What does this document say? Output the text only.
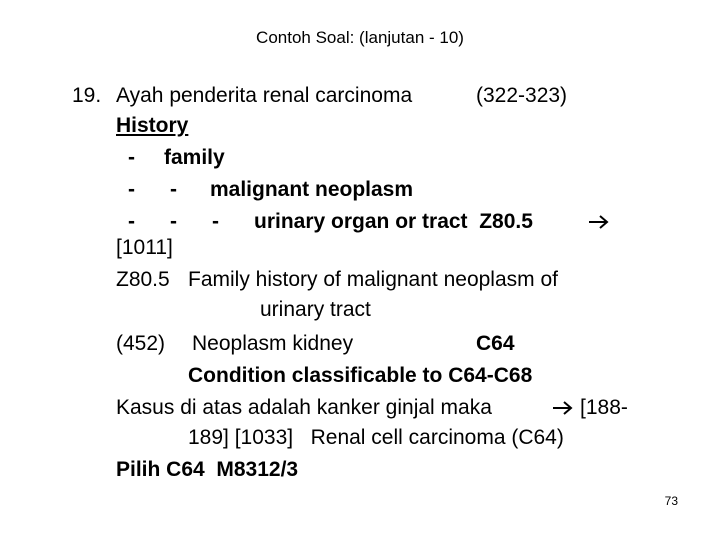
Contoh Soal: (lanjutan - 10)
19. Ayah penderita renal carcinoma	(322-323)
History
- family
-      - malignant neoplasm
-      -      - urinary organ or tract  Z80.5
[1011]
Z80.5 Family history of malignant neoplasm of
urinary tract
(452) Neoplasm kidney	C64
Condition classificable to C64-C68
Kasus di atas adalah kanker ginjal maka	[188-
189] [1033]   Renal cell carcinoma (C64)
Pilih C64  M8312/3
73
